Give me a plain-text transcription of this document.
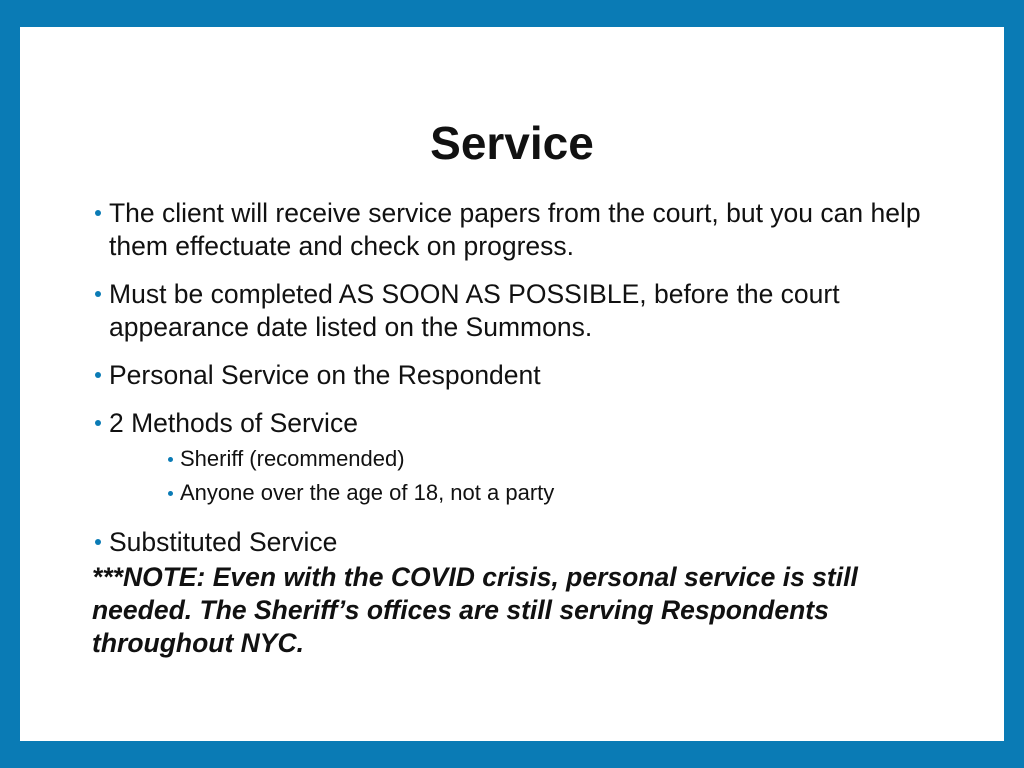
Service
The client will receive service papers from the court, but you can help them effectuate and check on progress.
Must be completed AS SOON AS POSSIBLE, before the court appearance date listed on the Summons.
Personal Service on the Respondent
2 Methods of Service
Sheriff (recommended)
Anyone over the age of 18, not a party
Substituted Service
***NOTE: Even with the COVID crisis, personal service is still needed. The Sheriff’s offices are still serving Respondents throughout NYC.
